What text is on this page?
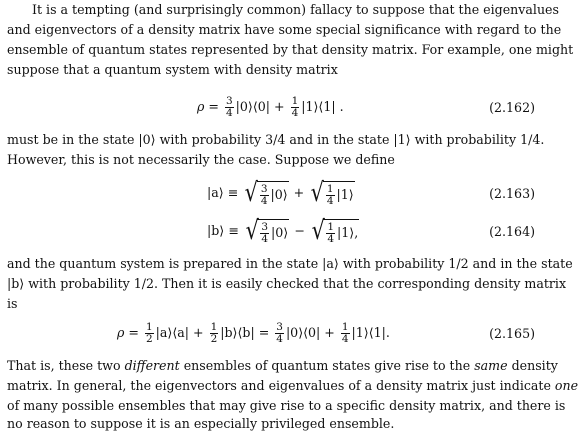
It is a tempting (and surprisingly common) fallacy to suppose that the eigenvalues
and eigenvectors of a density matrix have some special significance with regard to the
ensemble of quantum states represented by that density matrix. For example, one might
suppose that a quantum system with density matrix
$\rho = \frac{3}{4}$ |0⟩⟨0| + $\frac{1}{4}$ |1⟩⟨1| .	(2.162)
must be in the state |0⟩ with probability 3/4 and in the state |1⟩ with probability 1/4.
However, this is not necessarily the case. Suppose we define
|a⟩ ≡ √ $\frac{3}{4}$ |0⟩ + √ $\frac{1}{4}$ |1⟩	(2.163)
|b⟩ ≡ √ $\frac{3}{4}$ |0⟩ − √ $\frac{1}{4}$ |1⟩,	(2.164)
and the quantum system is prepared in the state |a⟩ with probability 1/2 and in the state
|b⟩ with probability 1/2. Then it is easily checked that the corresponding density matrix
is
$\rho = \frac{1}{2}$ |a⟩⟨a| + $\frac{1}{2}$ |b⟩⟨b| = $\frac{3}{4}$ |0⟩⟨0| + $\frac{1}{4}$ |1⟩⟨1|.	(2.165)
That is, these two different ensembles of quantum states give rise to the same density
matrix. In general, the eigenvectors and eigenvalues of a density matrix just indicate one
of many possible ensembles that may give rise to a specific density matrix, and there is
no reason to suppose it is an especially privileged ensemble.
